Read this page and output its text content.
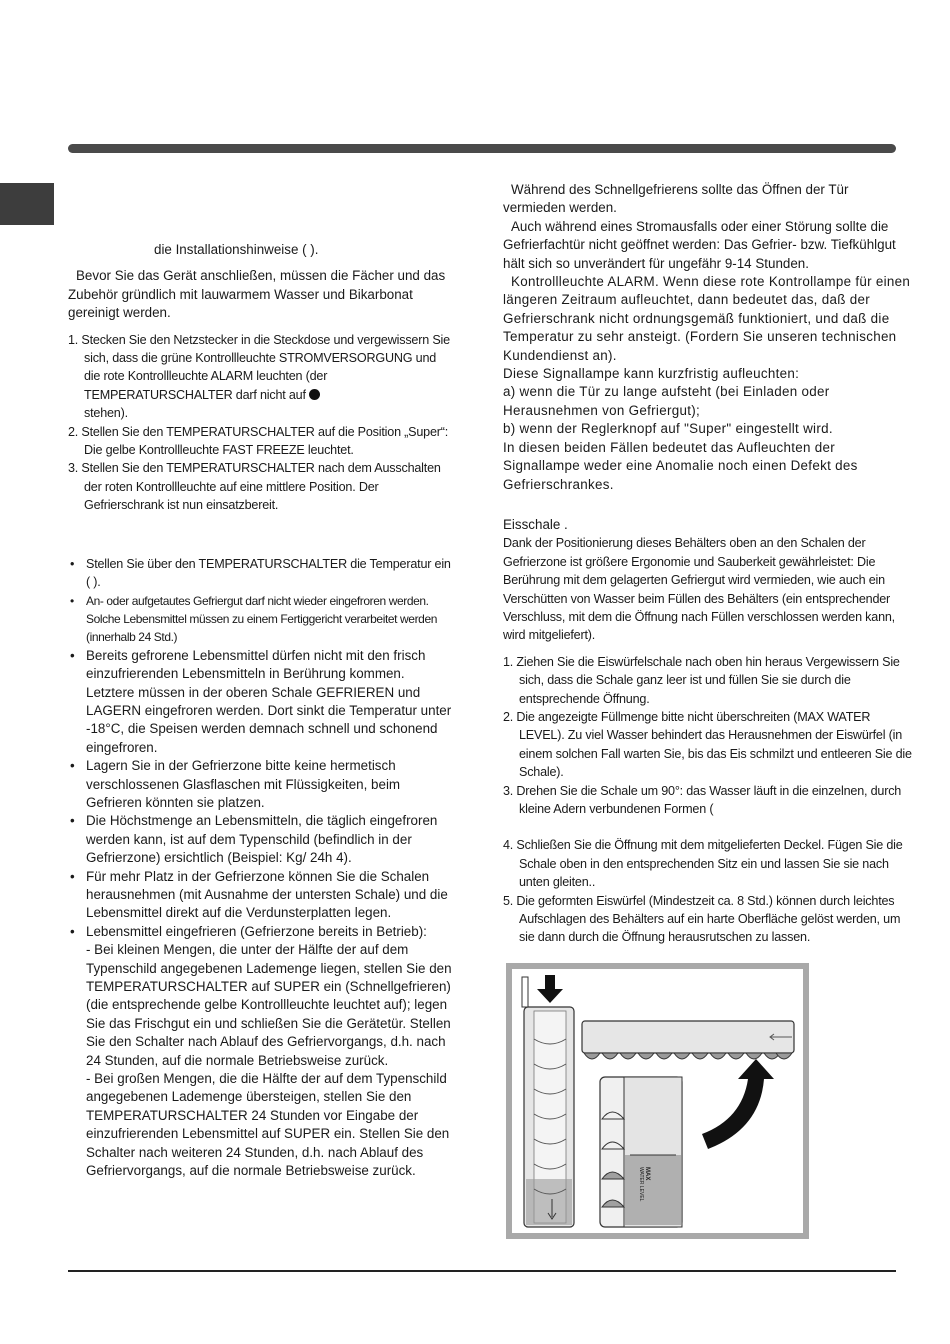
die Installationshinweise ( ).

Bevor Sie das Gerät anschließen, müssen die Fächer und das Zubehör gründlich mit lauwarmem Wasser und Bikarbonat gereinigt werden.

1. Stecken Sie den Netzstecker in die Steckdose und vergewissern Sie sich, dass die grüne Kontrollleuchte STROMVERSORGUNG und die rote Kontrollleuchte ALARM leuchten (der TEMPERATURSCHALTER darf nicht auf
stehen).
2. Stellen Sie den TEMPERATURSCHALTER auf die Position „Super“: Die gelbe Kontrollleuchte FAST FREEZE leuchtet.
3. Stellen Sie den TEMPERATURSCHALTER nach dem Ausschalten der roten Kontrollleuchte auf eine mittlere Position. Der Gefrierschrank ist nun einsatzbereit.
• Stellen Sie über den TEMPERATURSCHALTER die Temperatur ein ( ).
• An- oder aufgetautes Gefriergut darf nicht wieder eingefroren werden. Solche Lebensmittel müssen zu einem Fertiggericht verarbeitet werden (innerhalb 24 Std.)
• Bereits gefrorene Lebensmittel dürfen nicht mit den frisch einzufrierenden Lebensmitteln in Berührung kommen. Letztere müssen in der oberen Schale GEFRIEREN und LAGERN eingefroren werden. Dort sinkt die Temperatur unter -18°C, die Speisen werden demnach schnell und schonend eingefroren.
• Lagern Sie in der Gefrierzone bitte keine hermetisch verschlossenen Glasflaschen mit Flüssigkeiten, beim Gefrieren könnten sie platzen.
• Die Höchstmenge an Lebensmitteln, die täglich eingefroren werden kann, ist auf dem Typenschild (befindlich in der Gefrierzone) ersichtlich (Beispiel: Kg/ 24h 4).
• Für mehr Platz in der Gefrierzone können Sie die Schalen herausnehmen (mit Ausnahme der untersten Schale) und die Lebensmittel direkt auf die Verdunsterplatten legen.
• Lebensmittel eingefrieren (Gefrierzone bereits in Betrieb):
- Bei kleinen Mengen, die unter der Hälfte der auf dem Typenschild angegebenen Lademenge liegen, stellen Sie den TEMPERATURSCHALTER auf SUPER ein (Schnellgefrieren) (die entsprechende gelbe Kontrollleuchte leuchtet auf); legen Sie das Frischgut ein und schließen Sie die Gerätetür. Stellen Sie den Schalter nach Ablauf des Gefriervorgangs, d.h. nach 24 Stunden, auf die normale Betriebsweise zurück.
- Bei großen Mengen, die die Hälfte der auf dem Typenschild angegebenen Lademenge übersteigen, stellen Sie den TEMPERATURSCHALTER 24 Stunden vor Eingabe der einzufrierenden Lebensmittel auf SUPER ein. Stellen Sie den Schalter nach weiteren 24 Stunden, d.h. nach Ablauf des Gefriervorgangs, auf die normale Betriebsweise zurück.

Während des Schnellgefrierens sollte das Öffnen der Tür vermieden werden.

Auch während eines Stromausfalls oder einer Störung sollte die Gefrierfachtür nicht geöffnet werden: Das Gefrier- bzw. Tiefkühlgut hält sich so unverändert für ungefähr 9-14 Stunden.

Kontrollleuchte ALARM. Wenn diese rote Kontrollampe für einen längeren Zeitraum aufleuchtet, dann bedeutet das, daß der Gefrierschrank nicht ordnungsgemäß funktioniert, und daß die Temperatur zu sehr ansteigt. (Fordern Sie unseren technischen Kundendienst an).

Diese Signallampe kann kurzfristig aufleuchten:

a) wenn die Tür zu lange aufsteht (bei Einladen oder Herausnehmen von Gefriergut);

b) wenn der Reglerknopf auf "Super" eingestellt wird.

In diesen beiden Fällen bedeutet das Aufleuchten der Signallampe weder eine Anomalie noch einen Defekt des Gefrierschrankes.

Eisschale .

Dank der Positionierung dieses Behälters oben an den Schalen der Gefrierzone ist größere Ergonomie und Sauberkeit gewährleistet: Die Berührung mit dem gelagerten Gefriergut wird vermieden, wie auch ein Verschütten von Wasser beim Füllen des Behälters (ein entsprechender Verschluss, mit dem die Öffnung nach Füllen verschlossen werden kann, wird mitgeliefert).

1. Ziehen Sie die Eiswürfelschale nach oben hin heraus Vergewissern Sie sich, dass die Schale ganz leer ist und füllen Sie sie durch die entsprechende Öffnung.
2. Die angezeigte Füllmenge bitte nicht überschreiten (MAX WATER LEVEL). Zu viel Wasser behindert das Herausnehmen der Eiswürfel (in einem solchen Fall warten Sie, bis das Eis schmilzt und entleeren Sie die Schale).
3. Drehen Sie die Schale um 90°: das Wasser läuft in die einzelnen, durch kleine Adern verbundenen Formen (
4. Schließen Sie die Öffnung mit dem mitgelieferten Deckel. Fügen Sie die Schale oben in den entsprechenden Sitz ein und lassen Sie sie nach unten gleiten..
5. Die geformten Eiswürfel (Mindestzeit ca. 8 Std.) können durch leichtes Aufschlagen des Behälters auf ein harte Oberfläche gelöst werden, um sie dann durch die Öffnung herausrutschen zu lassen.
MAX
WATER LEVEL
